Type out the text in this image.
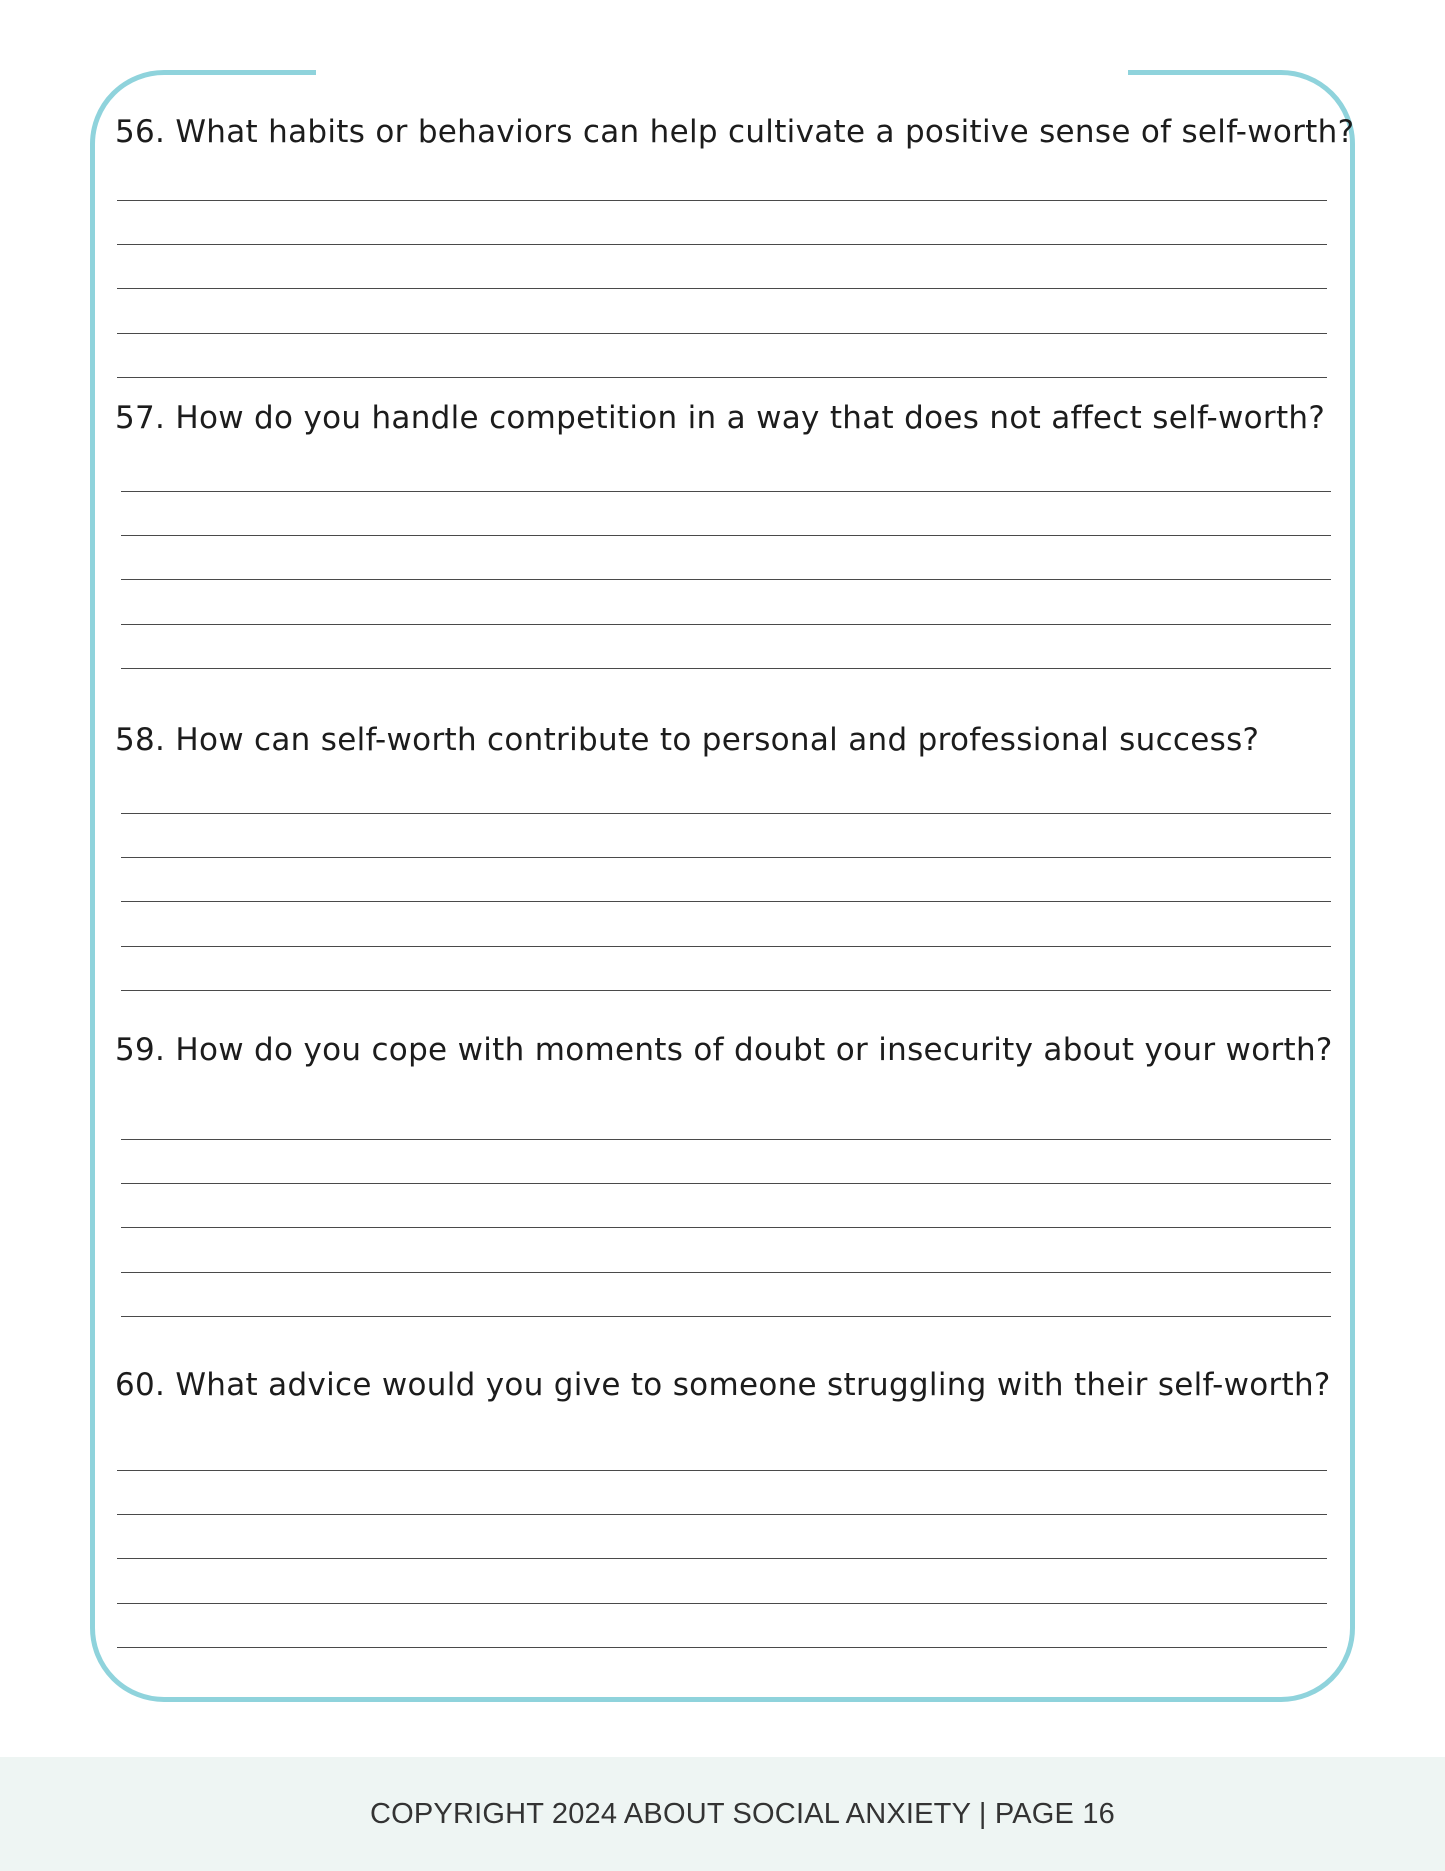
56. What habits or behaviors can help cultivate a positive sense of self-worth?

57. How do you handle competition in a way that does not affect self-worth?

58. How can self-worth contribute to personal and professional success?

59. How do you cope with moments of doubt or insecurity about your worth?

60. What advice would you give to someone struggling with their self-worth?

COPYRIGHT 2024 ABOUT SOCIAL ANXIETY | PAGE 16
